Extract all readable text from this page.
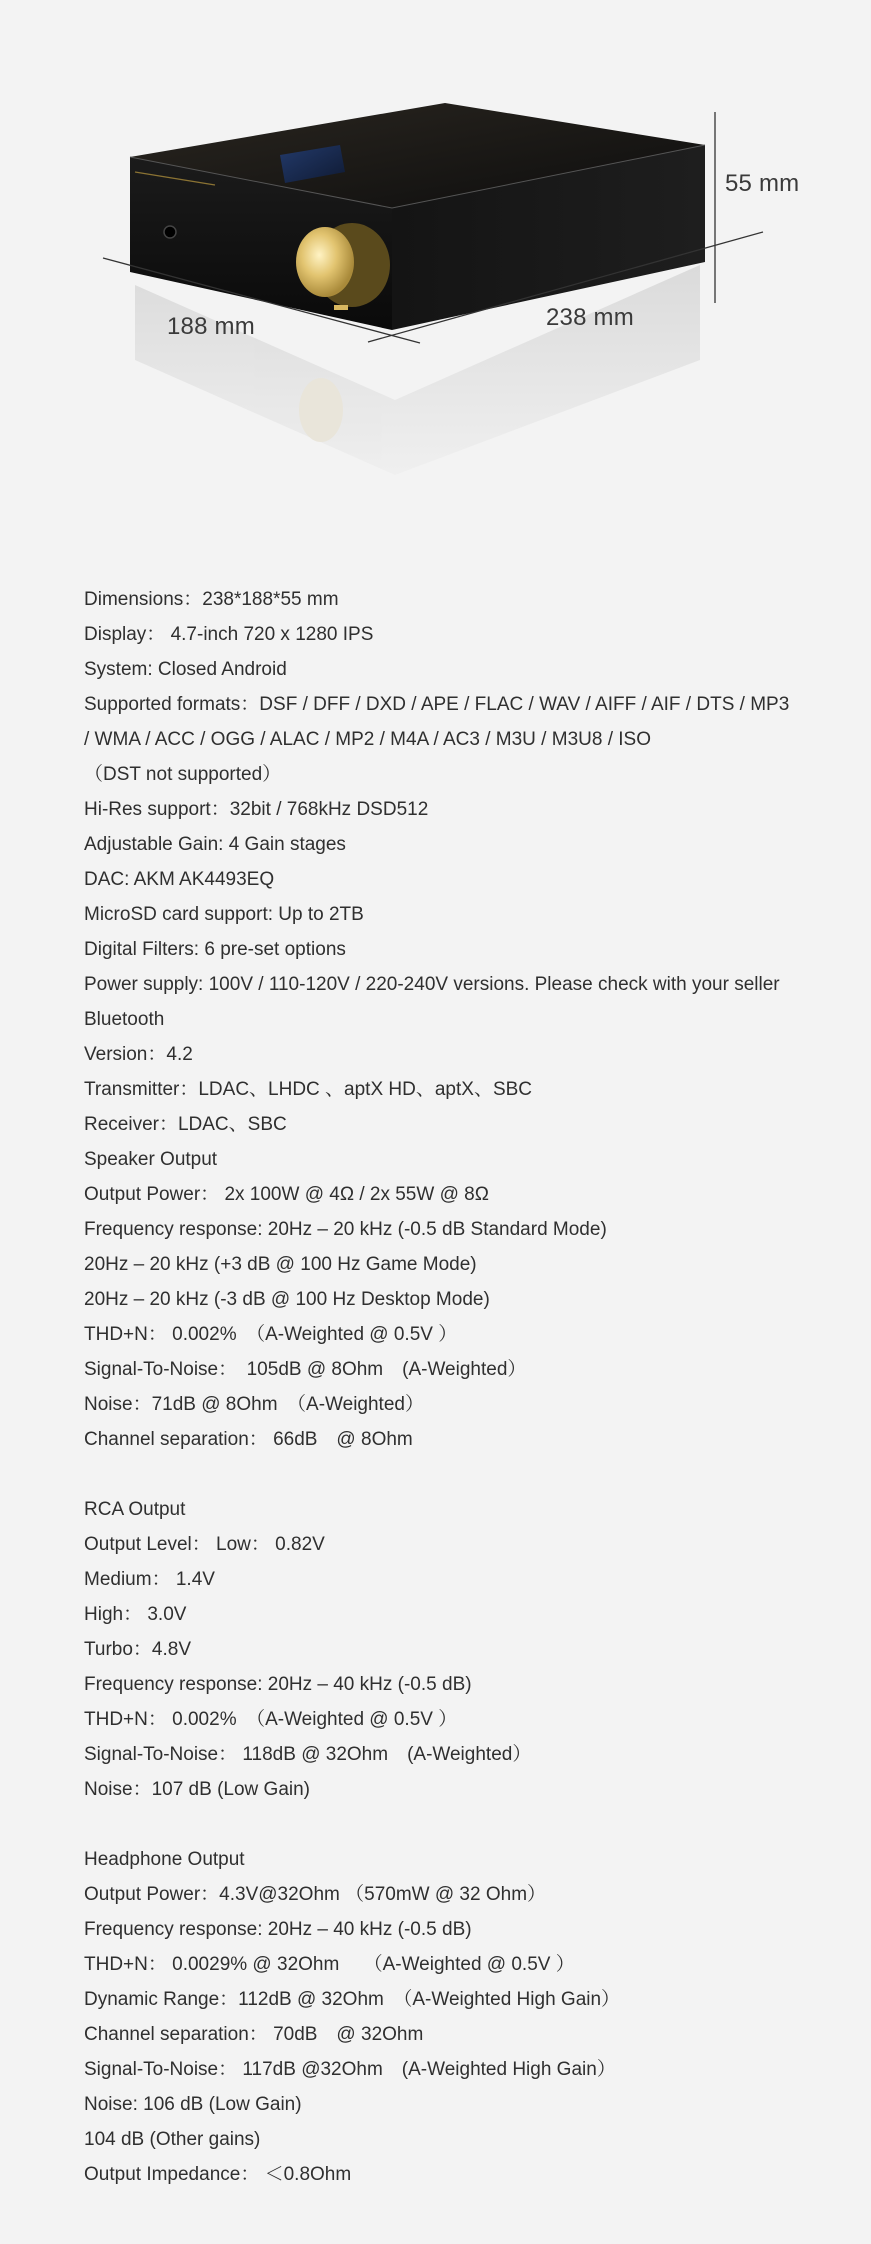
55 mm
188 mm	238 mm
Dimensions：238*188*55 mm
Display： 4.7-inch 720 x 1280 IPS
System: Closed Android
Supported formats：DSF / DFF / DXD / APE / FLAC / WAV / AIFF / AIF / DTS / MP3
/ WMA / ACC / OGG / ALAC / MP2 / M4A / AC3 / M3U / M3U8 / ISO
（DST not supported）
Hi-Res support：32bit / 768kHz DSD512
Adjustable Gain: 4 Gain stages
DAC: AKM AK4493EQ
MicroSD card support: Up to 2TB
Digital Filters: 6 pre-set options
Power supply: 100V / 110-120V / 220-240V versions. Please check with your seller
Bluetooth
Version：4.2
Transmitter：LDAC、LHDC 、aptX HD、aptX、SBC
Receiver：LDAC、SBC
Speaker Output
Output Power： 2x 100W @ 4Ω / 2x 55W @ 8Ω
Frequency response: 20Hz – 20 kHz (-0.5 dB Standard Mode)
20Hz – 20 kHz (+3 dB @ 100 Hz Game Mode)
20Hz – 20 kHz (-3 dB @ 100 Hz Desktop Mode)
THD+N： 0.002%　（A-Weighted @ 0.5V ）
Signal-To-Noise：　105dB @ 8Ohm　(A-Weighted）
Noise：71dB @ 8Ohm　（A-Weighted）
Channel separation： 66dB　@ 8Ohm
RCA Output
Output Level： Low： 0.82V
Medium： 1.4V
High： 3.0V
Turbo：4.8V
Frequency response: 20Hz – 40 kHz (-0.5 dB)
THD+N： 0.002%　（A-Weighted @ 0.5V ）
Signal-To-Noise： 118dB @ 32Ohm　(A-Weighted）
Noise：107 dB (Low Gain)
Headphone Output
Output Power：4.3V@32Ohm （570mW @ 32 Ohm）
Frequency response: 20Hz – 40 kHz (-0.5 dB)
THD+N： 0.0029% @ 32Ohm　 （A-Weighted @ 0.5V ）
Dynamic Range：112dB @ 32Ohm　（A-Weighted High Gain）
Channel separation： 70dB　@ 32Ohm
Signal-To-Noise： 117dB @32Ohm　(A-Weighted High Gain）
Noise: 106 dB (Low Gain)
104 dB (Other gains)
Output Impedance： ＜0.8Ohm
